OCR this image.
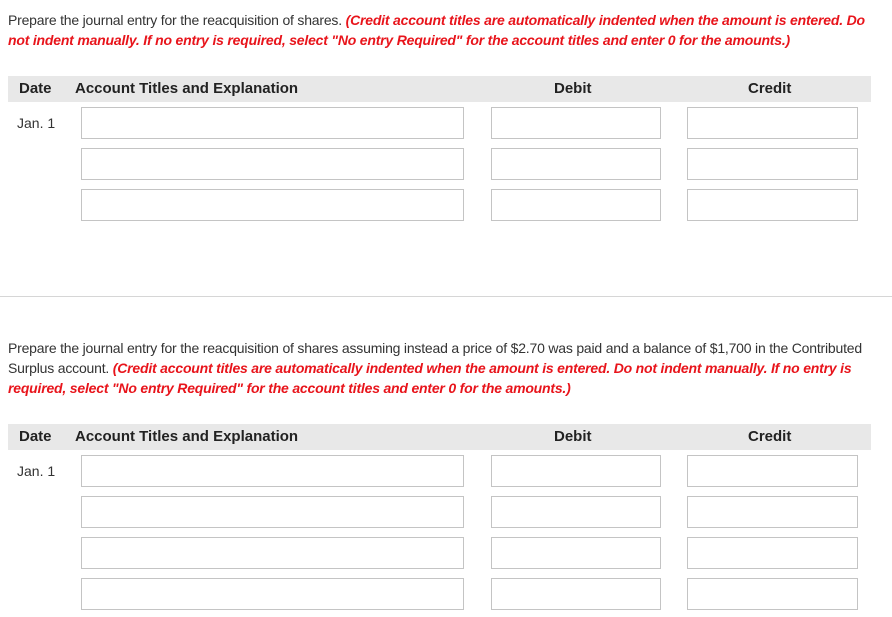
Prepare the journal entry for the reacquisition of shares. (Credit account titles are automatically indented when the amount is entered. Do not indent manually. If no entry is required, select "No entry Required" for the account titles and enter 0 for the amounts.)
Date Account Titles and Explanation	Debit	Credit
Jan. 1
Prepare the journal entry for the reacquisition of shares assuming instead a price of $2.70 was paid and a balance of $1,700 in the Contributed Surplus account. (Credit account titles are automatically indented when the amount is entered. Do not indent manually. If no entry is required, select "No entry Required" for the account titles and enter 0 for the amounts.)
Date Account Titles and Explanation	Debit	Credit
Jan. 1
